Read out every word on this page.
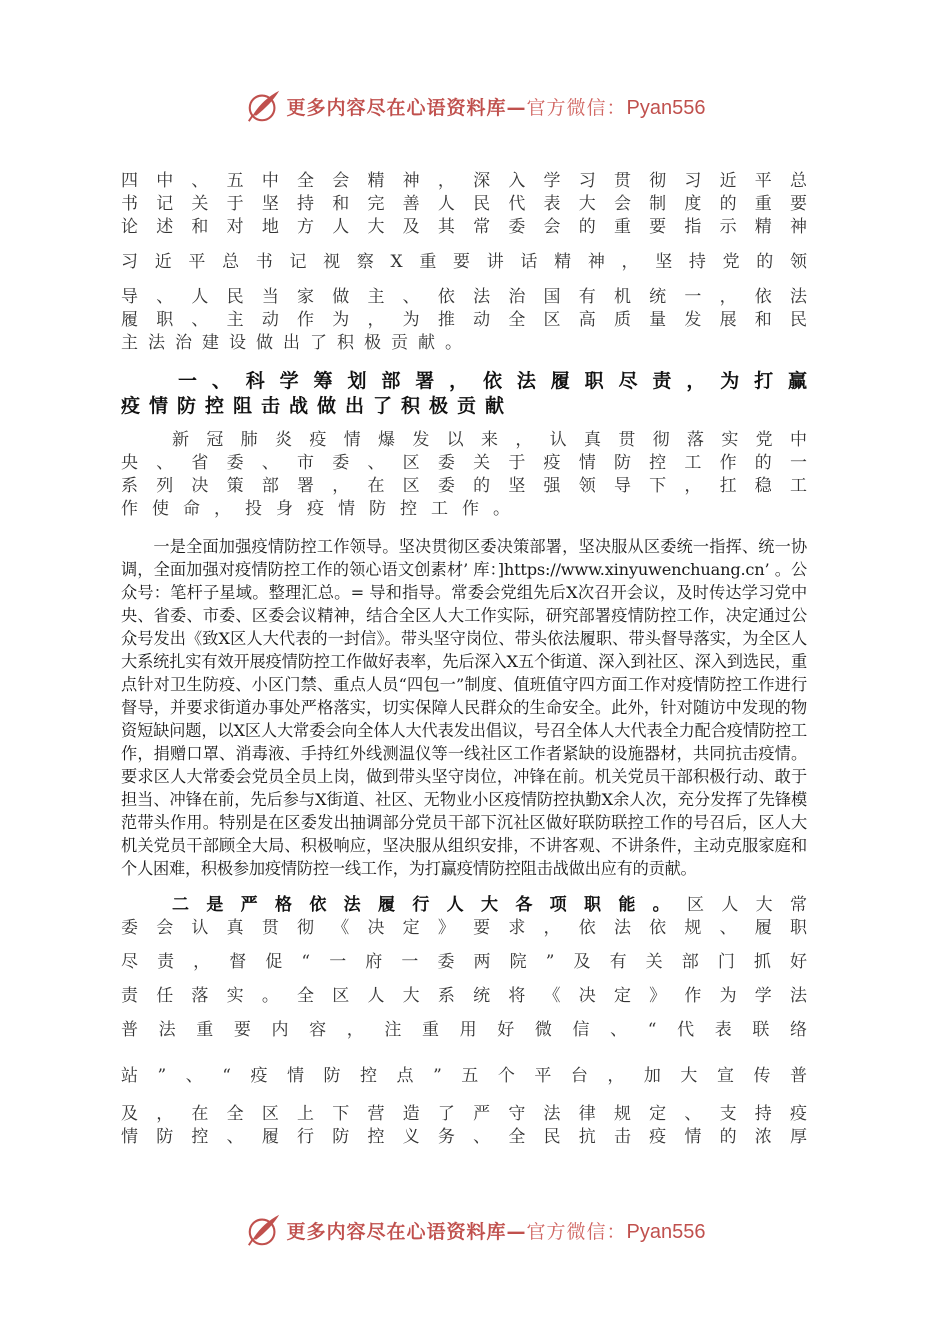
更多内容尽在心语资料库—官方微信：Pyan556

四中、五中全会精神，深入学习贯彻习近平总

书记关于坚持和完善人民代表大会制度的重要

论述和对地方人大及其常委会的重要指示精神

习近平总书记视察X重要讲话精神，坚持党的领

导、人民当家做主、依法治国有机统一，依法

履职、主动作为，为推动全区高质量发展和民

主法治建设做出了积极贡献。

一、科学筹划部署，依法履职尽责，为打赢

疫情防控阻击战做出了积极贡献

新冠肺炎疫情爆发以来，认真贯彻落实党中

央、省委、市委、区委关于疫情防控工作的一

系列决策部署，在区委的坚强领导下，扛稳工

作使命，投身疫情防控工作。

一是全面加强疫情防控工作领导。坚决贯彻区委决策部署，坚决服从区委统一指挥、统一协调，全面加强对疫情防控工作的领心语文创素材’ 库：]https://www.xinyuwenchuang.cn’ 。公众号：笔杆子星域。整理汇总。= 导和指导。常委会党组先后X次召开会议，及时传达学习党中央、省委、市委、区委会议精神，结合全区人大工作实际，研究部署疫情防控工作，决定通过公众号发出《致X区人大代表的一封信》。带头坚守岗位、带头依法履职、带头督导落实，为全区人大系统扎实有效开展疫情防控工作做好表率，先后深入X五个街道、深入到社区、深入到选民，重点针对卫生防疫、小区门禁、重点人员“四包一”制度、值班值守四方面工作对疫情防控工作进行督导，并要求街道办事处严格落实，切实保障人民群众的生命安全。此外，针对随访中发现的物资短缺问题，以X区人大常委会向全体人大代表发出倡议，号召全体人大代表全力配合疫情防控工作，捐赠口罩、消毒液、手持红外线测温仪等一线社区工作者紧缺的设施器材，共同抗击疫情。要求区人大常委会党员全员上岗，做到带头坚守岗位，冲锋在前。机关党员干部积极行动、敢于担当、冲锋在前，先后参与X街道、社区、无物业小区疫情防控执勤X余人次，充分发挥了先锋模范带头作用。特别是在区委发出抽调部分党员干部下沉社区做好联防联控工作的号召后，区人大机关党员干部顾全大局、积极响应，坚决服从组织安排，不讲客观、不讲条件，主动克服家庭和个人困难，积极参加疫情防控一线工作，为打赢疫情防控阻击战做出应有的贡献。

二是严格依法履行人大各项职能。区人大常

委会认真贯彻《决定》要求，依法依规、履职

尽责，督促“一府一委两院”及有关部门抓好

责任落实。全区人大系统将《决定》作为学法

普法重要内容，注重用好微信、“代表联络

站”、“疫情防控点”五个平台，加大宣传普

及，在全区上下营造了严守法律规定、支持疫

情防控、履行防控义务、全民抗击疫情的浓厚

更多内容尽在心语资料库—官方微信：Pyan556
